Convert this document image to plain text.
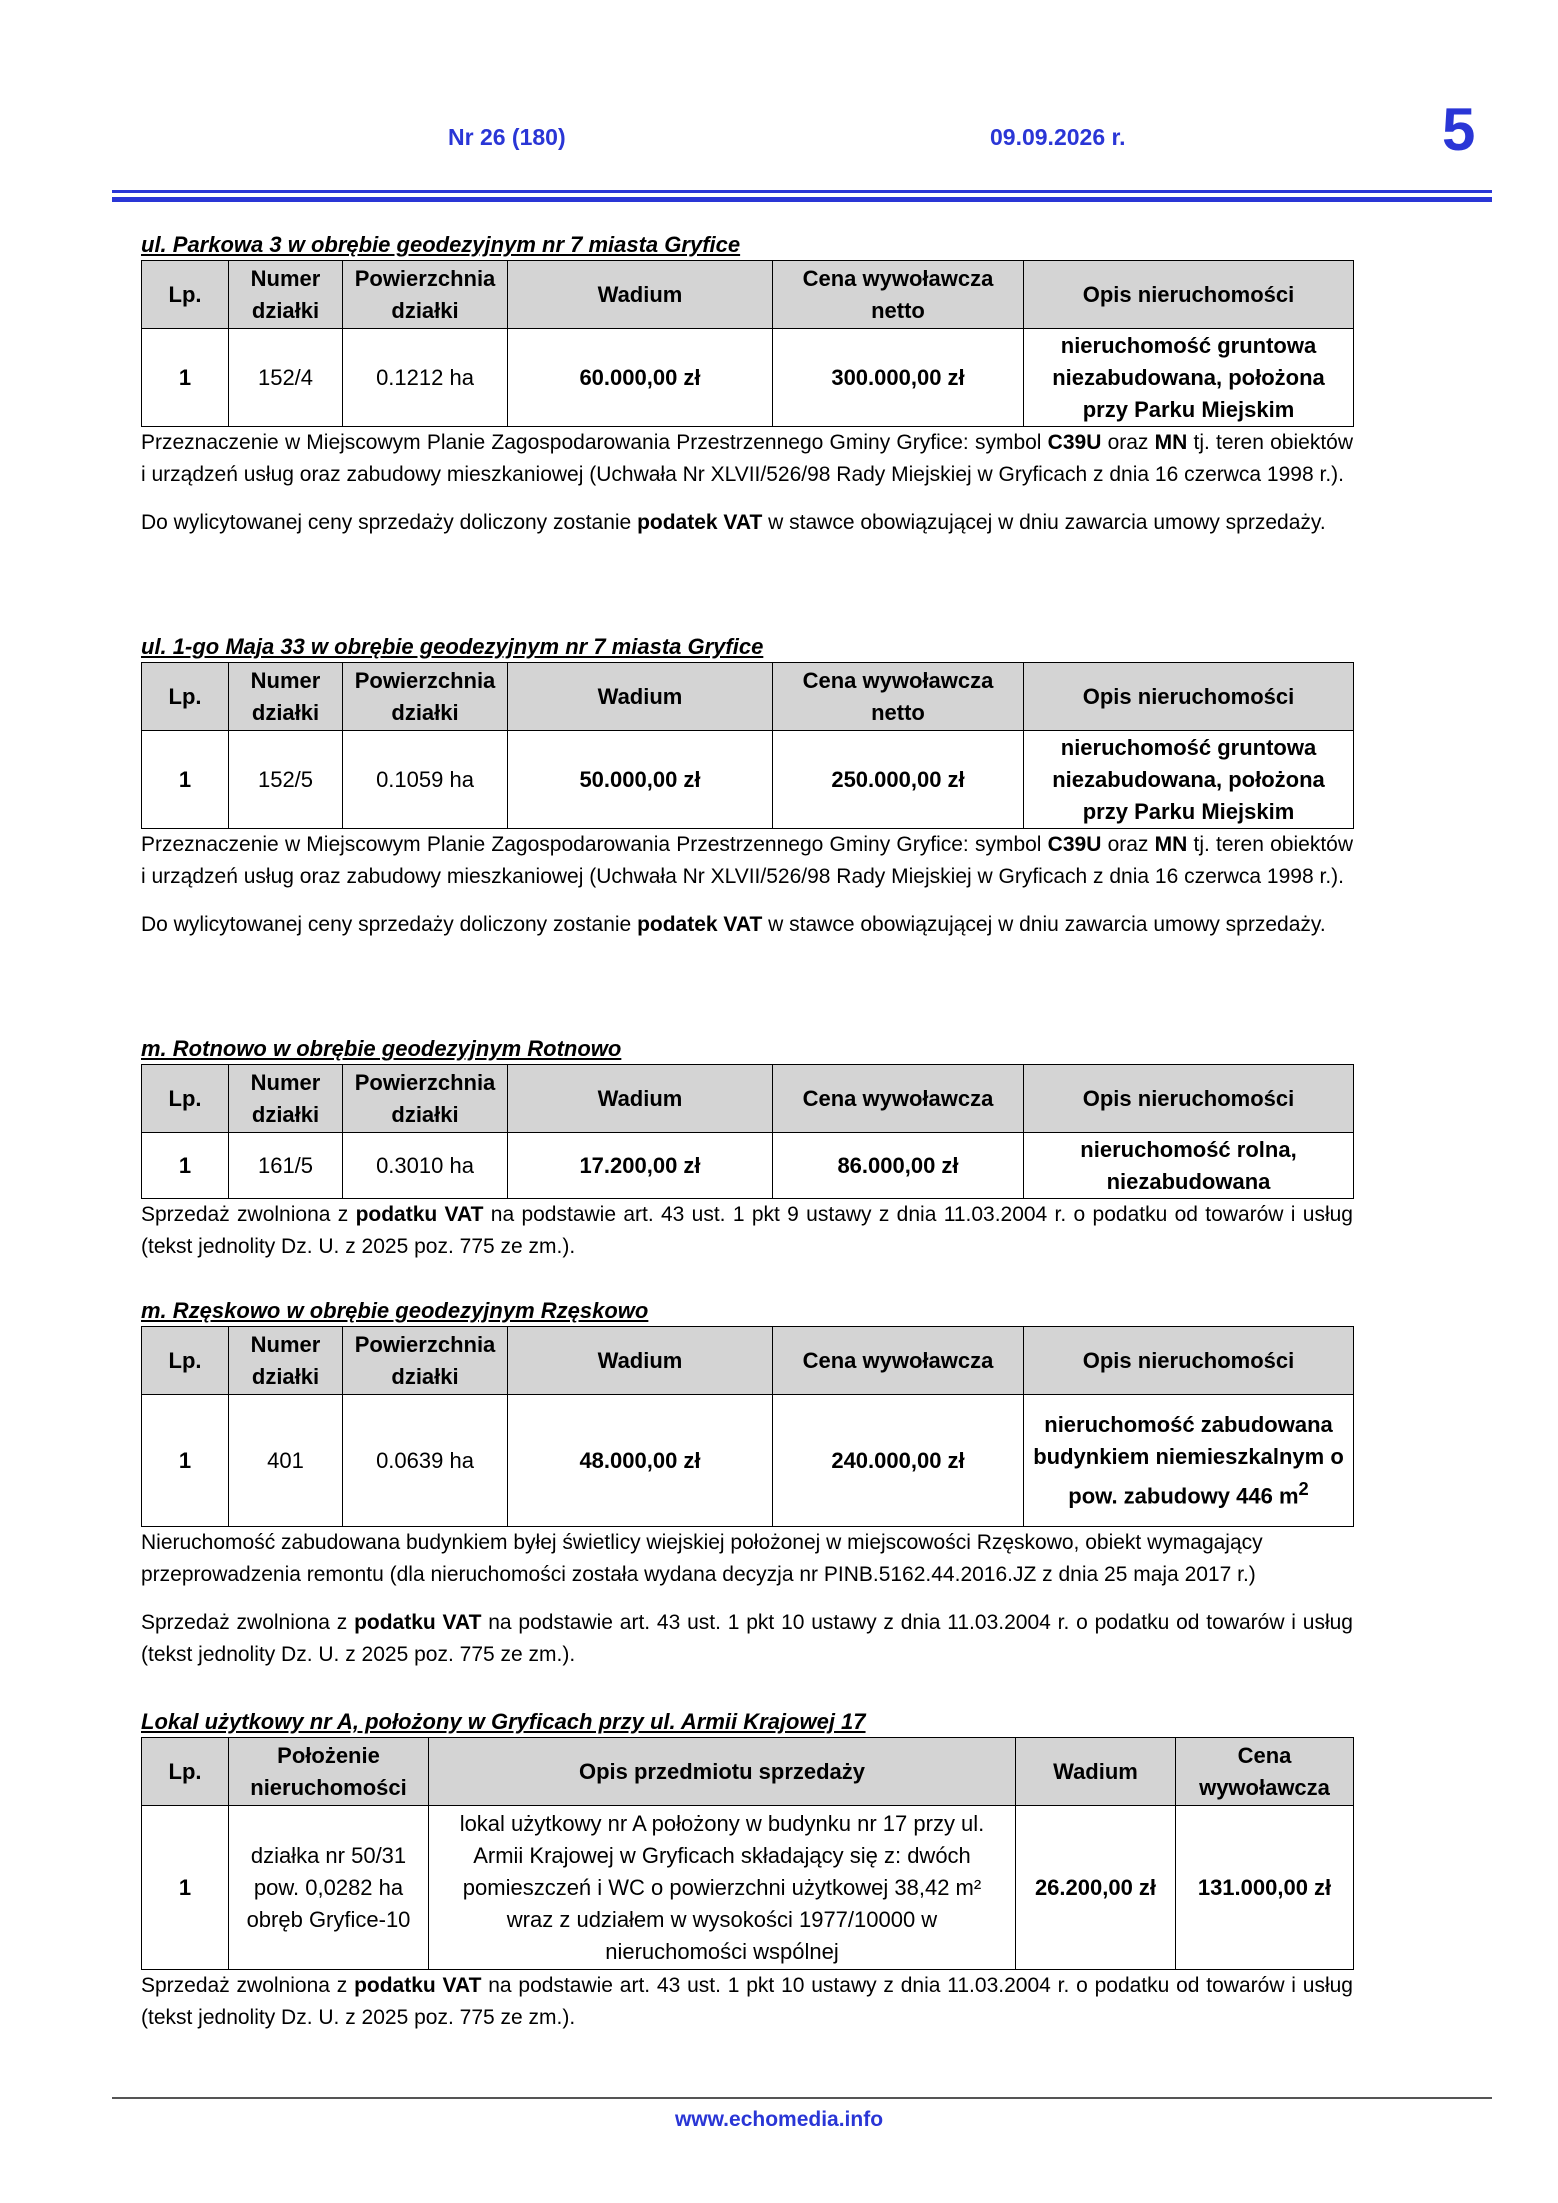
Nr 26 (180)	09.09.2026 r.	5

ul. Parkowa 3 w obrębie geodezyjnym nr 7 miasta Gryfice

Lp.	Numer działki	Powierzchnia działki	Wadium	Cena wywoławcza netto	Opis nieruchomości
1	152/4	0.1212 ha	60.000,00 zł	300.000,00 zł	nieruchomość gruntowa niezabudowana, położona przy Parku Miejskim

Przeznaczenie w Miejscowym Planie Zagospodarowania Przestrzennego Gminy Gryfice: symbol C39U oraz MN tj. teren obiektów i urządzeń usług oraz zabudowy mieszkaniowej (Uchwała Nr XLVII/526/98 Rady Miejskiej w Gryficach z dnia 16 czerwca 1998 r.).

Do wylicytowanej ceny sprzedaży doliczony zostanie podatek VAT w stawce obowiązującej w dniu zawarcia umowy sprzedaży.

ul. 1-go Maja 33 w obrębie geodezyjnym nr 7 miasta Gryfice

Lp.	Numer działki	Powierzchnia działki	Wadium	Cena wywoławcza netto	Opis nieruchomości
1	152/5	0.1059 ha	50.000,00 zł	250.000,00 zł	nieruchomość gruntowa niezabudowana, położona przy Parku Miejskim

Przeznaczenie w Miejscowym Planie Zagospodarowania Przestrzennego Gminy Gryfice: symbol C39U oraz MN tj. teren obiektów i urządzeń usług oraz zabudowy mieszkaniowej (Uchwała Nr XLVII/526/98 Rady Miejskiej w Gryficach z dnia 16 czerwca 1998 r.).

Do wylicytowanej ceny sprzedaży doliczony zostanie podatek VAT w stawce obowiązującej w dniu zawarcia umowy sprzedaży.

m. Rotnowo w obrębie geodezyjnym Rotnowo

Lp.	Numer działki	Powierzchnia działki	Wadium	Cena wywoławcza	Opis nieruchomości
1	161/5	0.3010 ha	17.200,00 zł	86.000,00 zł	nieruchomość rolna, niezabudowana

Sprzedaż zwolniona z podatku VAT na podstawie art. 43 ust. 1 pkt 9 ustawy z dnia 11.03.2004 r. o podatku od towarów i usług (tekst jednolity Dz. U. z 2025 poz. 775 ze zm.).

m. Rzęskowo w obrębie geodezyjnym Rzęskowo

Lp.	Numer działki	Powierzchnia działki	Wadium	Cena wywoławcza	Opis nieruchomości
1	401	0.0639 ha	48.000,00 zł	240.000,00 zł	nieruchomość zabudowana budynkiem niemieszkalnym o pow. zabudowy 446 $m^2$

Nieruchomość zabudowana budynkiem byłej świetlicy wiejskiej położonej w miejscowości Rzęskowo, obiekt wymagający przeprowadzenia remontu (dla nieruchomości została wydana decyzja nr PINB.5162.44.2016.JZ z dnia 25 maja 2017 r.)

Sprzedaż zwolniona z podatku VAT na podstawie art. 43 ust. 1 pkt 10 ustawy z dnia 11.03.2004 r. o podatku od towarów i usług (tekst jednolity Dz. U. z 2025 poz. 775 ze zm.).

Lokal użytkowy nr A, położony w Gryficach przy ul. Armii Krajowej 17

Lp.	Położenie nieruchomości	Opis przedmiotu sprzedaży	Wadium	Cena wywoławcza
1	działka nr 50/31 pow. 0,0282 ha obręb Gryfice-10	lokal użytkowy nr A położony w budynku nr 17 przy ul. Armii Krajowej w Gryficach składający się z: dwóch pomieszczeń i WC o powierzchni użytkowej 38,42 m² wraz z udziałem w wysokości 1977/10000 w nieruchomości wspólnej	26.200,00 zł	131.000,00 zł

Sprzedaż zwolniona z podatku VAT na podstawie art. 43 ust. 1 pkt 10 ustawy z dnia 11.03.2004 r. o podatku od towarów i usług (tekst jednolity Dz. U. z 2025 poz. 775 ze zm.).

www.echomedia.info
